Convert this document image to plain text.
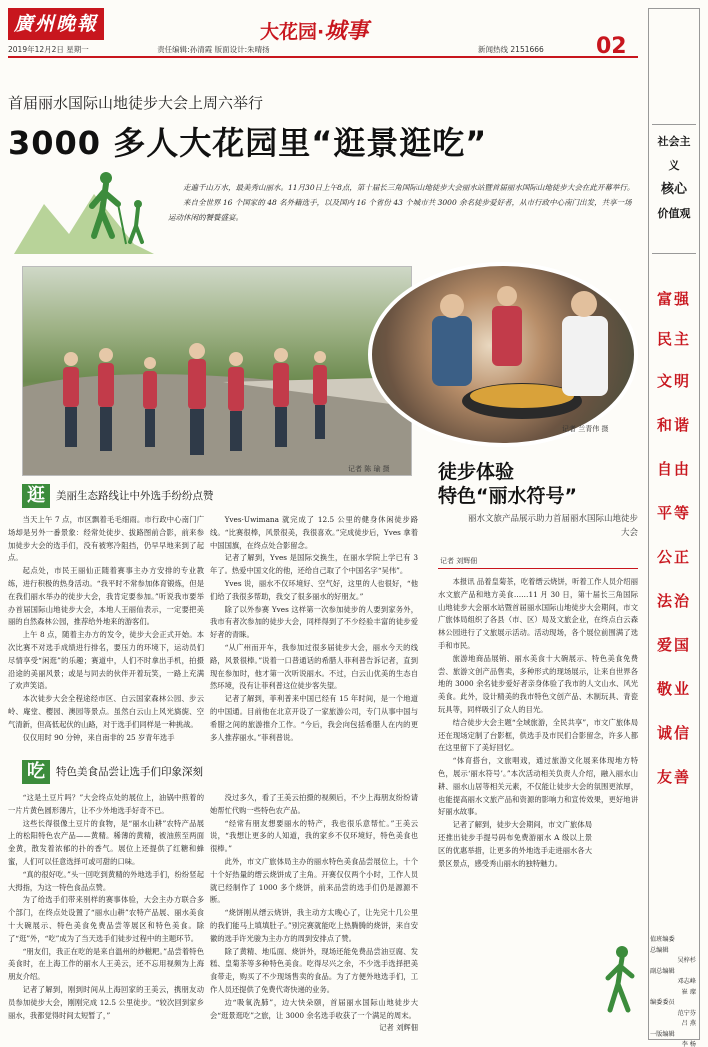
廣州晚報	大花园·城事
02
2019年12月2日 星期一	责任编辑:孙清霞 版面设计:朱晴扬	新闻热线 2151666
社会主义
核心
价值观
富强
民主
文明
和谐
自由
平等
公正
法治
爱国
敬业
诚信
友善
值班编委
总编辑
吴梓杉
副总编辑
邓志峰
崔 璨
编委委员
范宁芬
吕 燕
一版编辑
李 杨
首届丽水国际山地徒步大会上周六举行
3000 多人大花园里“逛景逛吃”

走遍千山万水，最美秀山丽水。11月30日上午8点，第十届长三角国际山地徒步大会丽水站暨首届丽水国际山地徒步大会在此开幕举行。

来自全世界 16 个国家的 48 名外籍选手，以及国内 16 个省份 43 个城市共 3000 余名徒步爱好者，从市行政中心南门出发，共享一场运动休闲的饕餮盛宴。

记者 陈 瑜 摄
记者 兰青伟 摄
逛 美丽生态路线让中外选手纷纷点赞

当天上午 7 点，市区飘着毛毛细雨。市行政中心南门广场却是另外一番景象：经常处徒步、拔路图前合影，前来参加徒步大会的选手们，没有被寒冷阻挡，仍早早地来到了起点。

起点处，市民王丽仙正随着赛事主办方安排的专业教练，进行积极的热身活动。“我平时不常参加体育锻炼，但是在我们丽水举办的徒步大会，我肯定要参加。”听说我市要举办首届国际山地徒步大会，本地人王丽仙表示，一定要把美丽的自然森林公园，推荐给外地来的游客们。

上午 8 点，随着主办方的发令，徒步大会正式开始。本次比赛不对选手成绩进行排名，要压力的环境下，运动员们尽情享受“闲逛”的乐趣；赛道中，人们不时拿出手机，拍摄沿途的美丽风景；或是与同去的伙伴开着玩笑，一路上充满了欢声笑语。

本次徒步大会全程途经市区、白云国家森林公园、步云岭、庵堂、樱园、澳园等景点。虽然白云山上风光旖旎、空气清新，但高低起伏的山路，对于选手们同样是一种挑战。

仅仅用时 90 分钟，来自南非的 25 岁青年选手

Yves·Uwimana 就完成了 12.5 公里的健身休闲徒步路线。“比赛很棒，风景很美，我很喜欢。”完成徒步后，Yves 拿着中国国旗，在终点处合影留念。

记者了解到，Yves 是国际交换生，在丽水学院上学已有 3 年了。热爱中国文化的他，还给自己取了个中国名字“吴伟”。

Yves 说，丽水不仅环境好、空气好，这里的人也很好，“他们给了我很多帮助，我交了很多丽水的好朋友。”

除了以外参赛 Yves 这样第一次参加徒步的人要到家务外，我市有者次参加的徒步大会，同样得到了不少经验丰富的徒步爱好者的青睐。

“从广州而开车，我参加过很多届徒步大会，丽水今天的线路，风景很棒。”说着一口普通话的希腊人菲利普告诉记者，直到现在参加时，他才第一次听说丽水。不过，白云山优美的生态自然环境，没有让菲利普这位徒步客失望。

记者了解到，菲利普来中国已经有 15 年时间，是一个地道的中国通。目前他在北京开设了一家旅游公司，专门从事中国与希腊之间的旅游推介工作。“今后，我会向包括希腊人在内的更多人推荐丽水。”菲利普说。

吃 特色美食品尝让选手们印象深刻

“这是土豆片吗？”大会终点处的展位上，油锅中煎着的一片片黄色圆形薄片，让不少外地选手好奇不已。

这些长得很像土豆片的食物，是“丽水山耕”农特产品展上的松阳特色农产品——黄精。稀薄的黄精，被油煎至两面金黄，散发着浓郁的扑的香气。展位上还提供了红糖和蜂蜜，人们可以任意选择可或可甜的口味。

“真的很好吃。”头一回吃到黄精的外地选手们，纷纷竖起大拇指，为这一特色食品点赞。

为了给选手们带来别样的赛事体验，大会主办方联合多个部门，在终点处设置了“丽水山耕”农特产品展、丽水美食十大碗展示、特色美食免费品尝等展区和特色美食。除了“逛”外，“吃”成为了当天选手们徒步过程中的主题环节。

“朋友们，我正在吃的是来自温州的炒糍粑。”品尝着特色美食时，在上海工作的丽水人王美云，还不忘用视频为上海朋友介绍。

记者了解到，刚到时间从上海回家的王美云，携朋友动员参加徒步大会，刚刚完成 12.5 公里徒步。“较次回到家乡丽水，我都觉得时间太短暂了，”

没过多久，看了王美云拍摄的视频后，不少上海朋友纷纷请她帮忙代购一些特色农产品。

“经常有朋友想要丽水的特产，我也很乐意帮忙。”王美云说，“我想让更多的人知道，我的家乡不仅环境好，特色美食也很棒。”

此外，市文广旅体局主办的丽水特色美食品尝展位上，十个十个好热量的缙云烧饼成了主角。开赛仅仅两个小时，工作人员就已经制作了 1000 多个烧饼，前来品尝的选手们仍是源源不断。

“烧饼刚从缙云烧饼，我主动方太晚心了，让先完十几公里的我们能马上填填肚子。”别完赛就能吃上热腾腾的烧饼，来自安徽的选手许光骏为主办方的周到安排点了赞。

除了黄精、地瓜面、烧饼外，现场还能免费品尝油豆腐、发糕、皇菊茶等多种特色美食。吃得尽兴之余，不少选手选择把美食带走，购买了不少现场售卖的食品。为了方便外地选手们，工作人员还提供了免费代寄快递的业务。

边“吸氧洗肺”，边大快朵颐，首届丽水国际山地徒步大会“逛景逛吃”之旅，让 3000 余名选手收获了一个满足的周末。

记者 刘辉佃

徒步体验
特色“丽水符号”
丽水文旅产品展示助力首届丽水国际山地徒步大会
记者 刘辉佃

本报讯 品着皇菊茶，吃着缙云烧饼，听着工作人员介绍丽水文旅产品和地方美食……11 月 30 日，第十届长三角国际山地徒步大会丽水站暨首届丽水国际山地徒步大会期间，市文广旅体局组织了各县（市、区）局及文旅企业，在终点白云森林公园进行了文旅展示活动。活动现场，各个展位前围满了选手和市民。

旅游地商品展销、丽水美食十大碗展示、特色美食免费尝、旅游文创产品售卖，多种形式的现场展示，让来自世界各地的 3000 余名徒步爱好者亲身体验了我市的人文山水、风光美食。此外，设计精美的我市特色文创产品、木制玩具、青瓷玩具等，同样吸引了众人的目光。

结合徒步大会主题“全域旅游，全民共享”，市文广旅体局还在现场定制了台影框，供选手及市民们合影留念，许多人都在这里留下了美好回忆。

“体育搭台，文旅唱戏，通过旅游文化展来体现地方特色，展示‘丽水符号’。”本次活动相关负责人介绍，融入丽水山耕、丽水山居等相关元素，不仅能让徒步大会的氛围更浓厚，也能提高丽水文旅产品和资源的影响力和宣传效果，更好地讲好丽水故事。

记者了解到，徒步大会期间，市文广旅体局还推出徒步手提号码布免费游丽水 A 级以上景区的优惠举措，让更多的外地选手走进丽水各大景区景点，感受秀山丽水的独特魅力。
